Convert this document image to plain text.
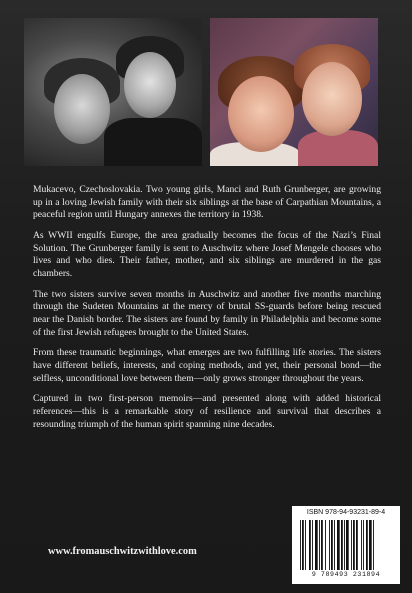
Mukacevo, Czechoslovakia. Two young girls, Manci and Ruth Grunberger, are growing up in a loving Jewish family with their six siblings at the base of Carpathian Mountains, a peaceful region until Hungary annexes the territory in 1938.

As WWII engulfs Europe, the area gradually becomes the focus of the Nazi’s Final Solution. The Grunberger family is sent to Auschwitz where Josef Mengele chooses who lives and who dies. Their father, mother, and six siblings are murdered in the gas chambers.

The two sisters survive seven months in Auschwitz and another five months marching through the Sudeten Mountains at the mercy of brutal SS-guards before being rescued near the Danish border. The sisters are found by family in Philadelphia and become some of the first Jewish refugees brought to the United States.

From these traumatic beginnings, what emerges are two fulfilling life stories. The sisters have different beliefs, interests, and coping methods, and yet, their personal bond—the selfless, unconditional love between them—only grows stronger throughout the years.

Captured in two first-person memoirs—and presented along with added historical references—this is a remarkable story of resilience and survival that describes a resounding triumph of the human spirit spanning nine decades.

www.fromauschwitzwithlove.com
ISBN 978-94-93231-89-4
9 789493 231894
